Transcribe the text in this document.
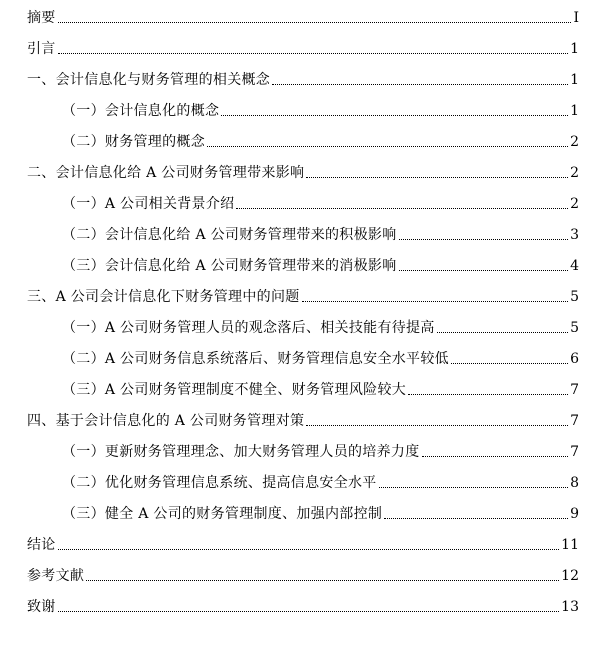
摘要	I
引言	1
一、会计信息化与财务管理的相关概念	1
（一）会计信息化的概念	1
（二）财务管理的概念	2
二、会计信息化给 A 公司财务管理带来影响	2
（一）A 公司相关背景介绍	2
（二）会计信息化给 A 公司财务管理带来的积极影响	3
（三）会计信息化给 A 公司财务管理带来的消极影响	4
三、A 公司会计信息化下财务管理中的问题	5
（一）A 公司财务管理人员的观念落后、相关技能有待提高	5
（二）A 公司财务信息系统落后、财务管理信息安全水平较低	6
（三）A 公司财务管理制度不健全、财务管理风险较大	7
四、基于会计信息化的 A 公司财务管理对策	7
（一）更新财务管理理念、加大财务管理人员的培养力度	7
（二）优化财务管理信息系统、提高信息安全水平	8
（三）健全 A 公司的财务管理制度、加强内部控制	9
结论	11
参考文献	12
致谢	13
